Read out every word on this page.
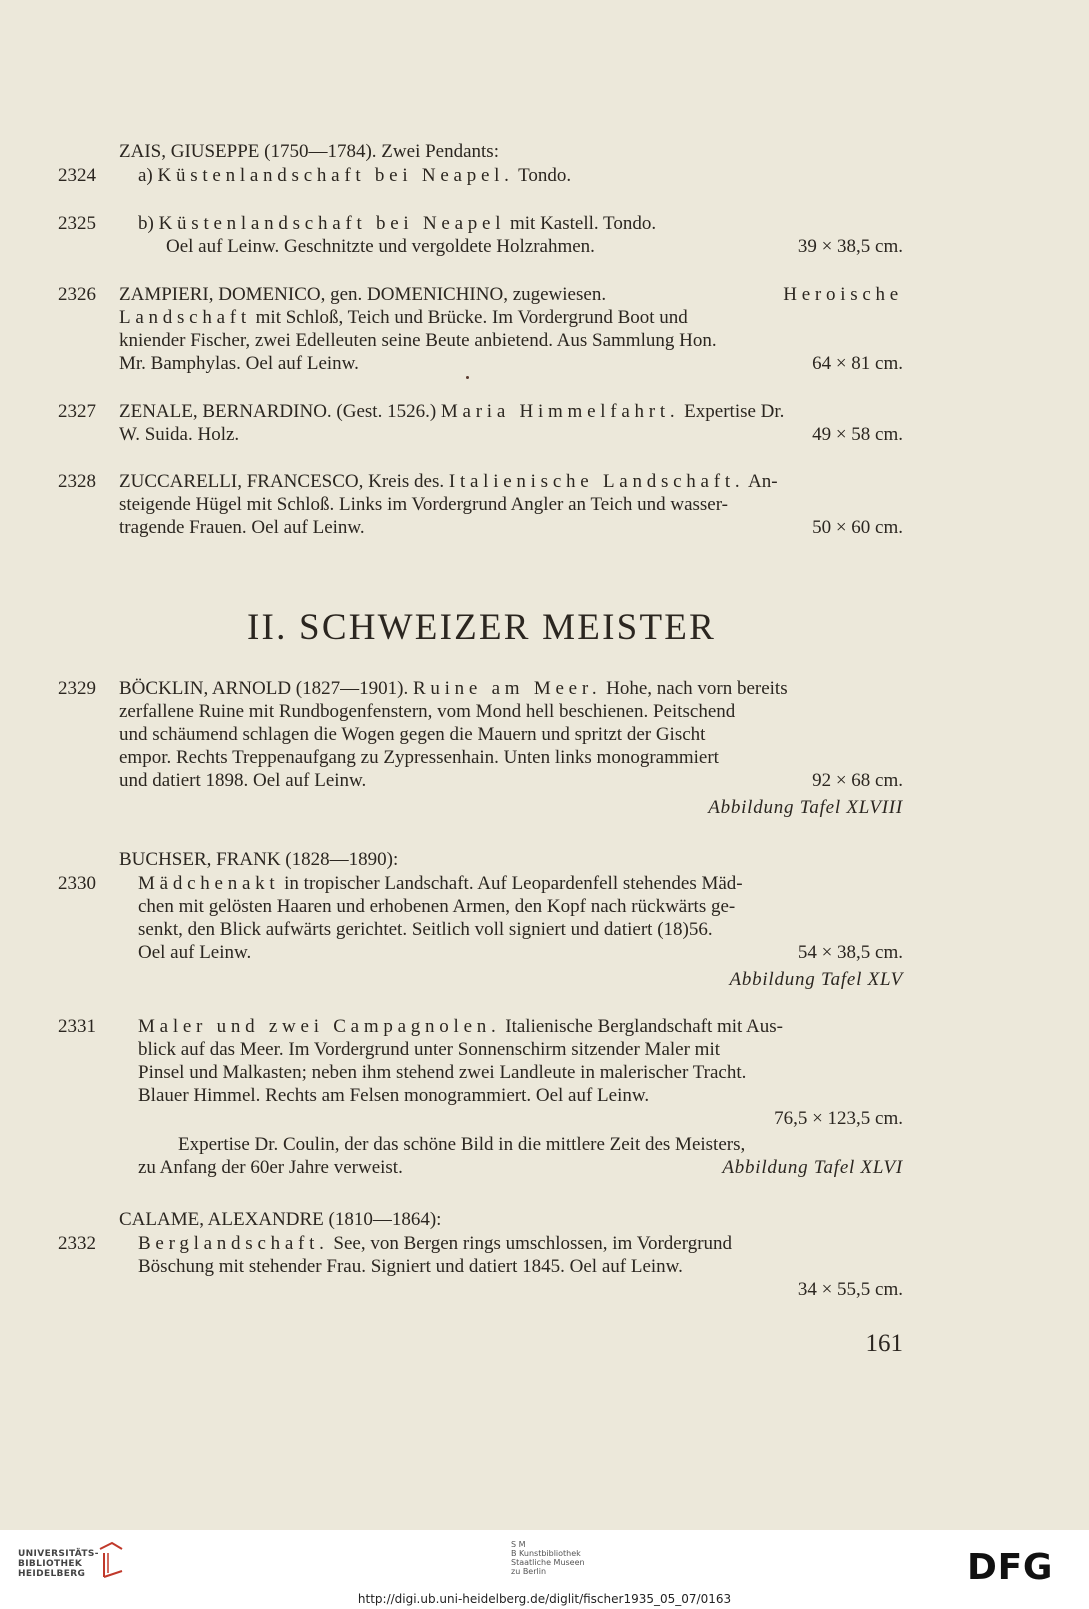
ZAIS, GIUSEPPE (1750—1784). Zwei Pendants:

2324 a) Küstenlandschaft bei Neapel. Tondo.

2325 b) Küstenlandschaft bei Neapel mit Kastell. Tondo.

Oel auf Leinw. Geschnitzte und vergoldete Holzrahmen.	39 × 38,5 cm.

2326 ZAMPIERI, DOMENICO, gen. DOMENICHINO, zugewiesen.	Heroische

Landschaft mit Schloß, Teich und Brücke. Im Vordergrund Boot und

kniender Fischer, zwei Edelleuten seine Beute anbietend. Aus Sammlung Hon.

Mr. Bamphylas. Oel auf Leinw.	64 × 81 cm.

2327 ZENALE, BERNARDINO. (Gest. 1526.) Maria Himmelfahrt. Expertise Dr.

W. Suida. Holz.	49 × 58 cm.

2328 ZUCCARELLI, FRANCESCO, Kreis des. Italienische Landschaft. An-

steigende Hügel mit Schloß. Links im Vordergrund Angler an Teich und wasser-

tragende Frauen. Oel auf Leinw.	50 × 60 cm.

II. SCHWEIZER MEISTER
2329 BÖCKLIN, ARNOLD (1827—1901). Ruine am Meer. Hohe, nach vorn bereits

zerfallene Ruine mit Rundbogenfenstern, vom Mond hell beschienen. Peitschend

und schäumend schlagen die Wogen gegen die Mauern und spritzt der Gischt

empor. Rechts Treppenaufgang zu Zypressenhain. Unten links monogrammiert

und datiert 1898. Oel auf Leinw.	92 × 68 cm.

Abbildung Tafel XLVIII

BUCHSER, FRANK (1828—1890):

2330 Mädchenakt in tropischer Landschaft. Auf Leopardenfell stehendes Mäd-

chen mit gelösten Haaren und erhobenen Armen, den Kopf nach rückwärts ge-

senkt, den Blick aufwärts gerichtet. Seitlich voll signiert und datiert (18)56.

Oel auf Leinw.	54 × 38,5 cm.

Abbildung Tafel XLV

2331 Maler und zwei Campagnolen. Italienische Berglandschaft mit Aus-

blick auf das Meer. Im Vordergrund unter Sonnenschirm sitzender Maler mit

Pinsel und Malkasten; neben ihm stehend zwei Landleute in malerischer Tracht.

Blauer Himmel. Rechts am Felsen monogrammiert. Oel auf Leinw.

76,5 × 123,5 cm.

Expertise Dr. Coulin, der das schöne Bild in die mittlere Zeit des Meisters,

zu Anfang der 60er Jahre verweist.	Abbildung Tafel XLVI

CALAME, ALEXANDRE (1810—1864):

2332 Berglandschaft. See, von Bergen rings umschlossen, im Vordergrund

Böschung mit stehender Frau. Signiert und datiert 1845. Oel auf Leinw.

34 × 55,5 cm.

161
UNIVERSITÄTS-
BIBLIOTHEK
HEIDELBERG
S M
B Kunstbibliothek
Staatliche Museen
zu Berlin	DFG
http://digi.ub.uni-heidelberg.de/diglit/fischer1935_05_07/0163
